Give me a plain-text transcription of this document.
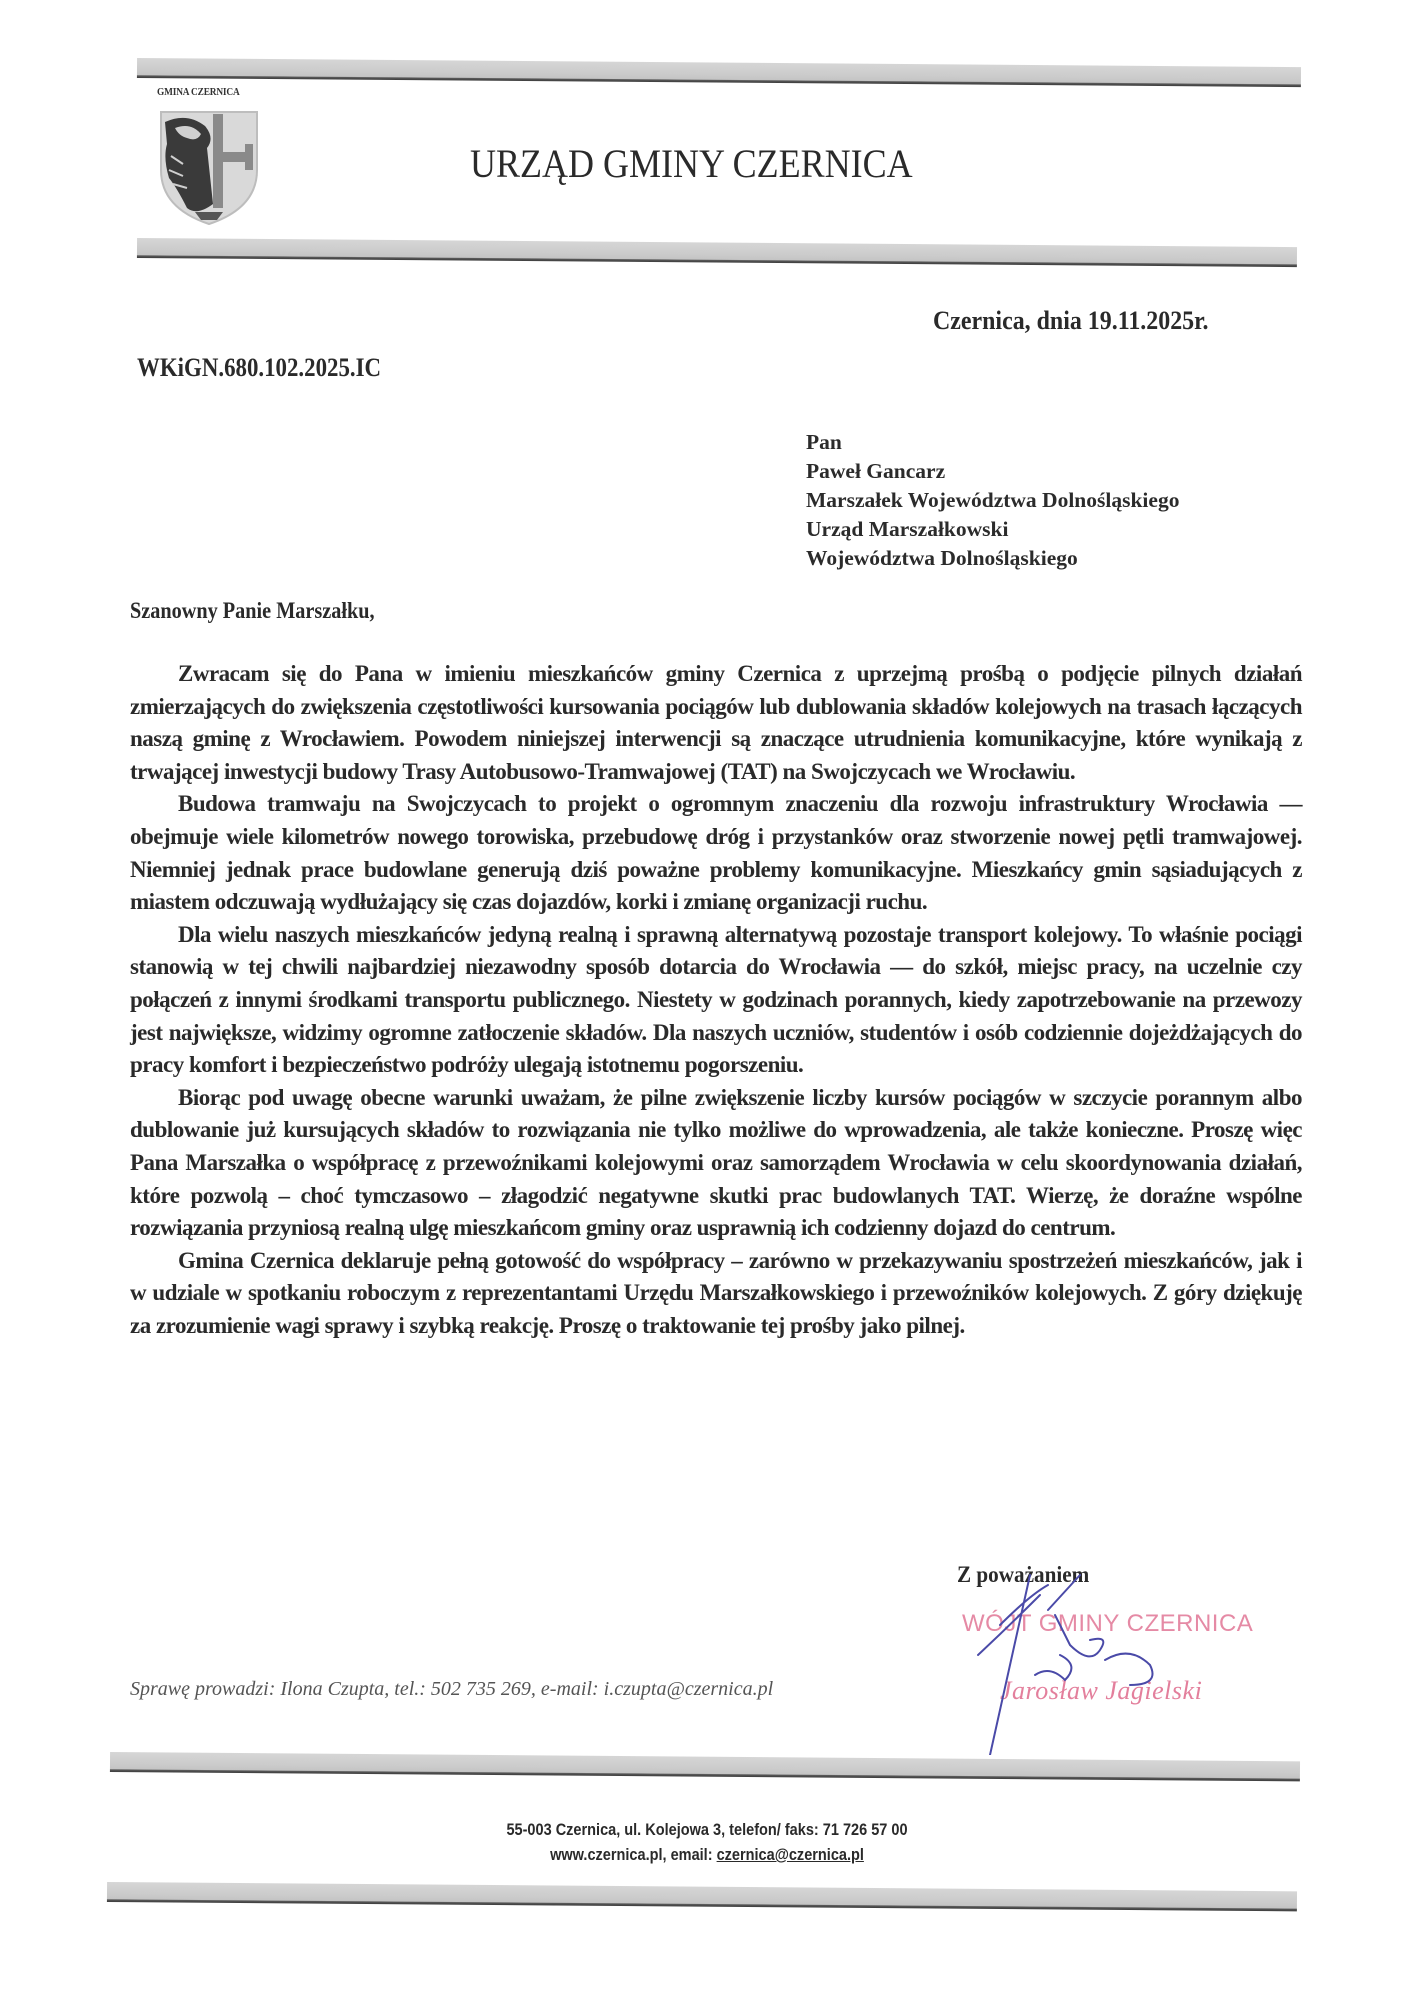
GMINA CZERNICA
URZĄD GMINY CZERNICA
Czernica, dnia 19.11.2025r.
WKiGN.680.102.2025.IC
Pan
Paweł Gancarz
Marszałek Województwa Dolnośląskiego
Urząd Marszałkowski
Województwa Dolnośląskiego
Szanowny Panie Marszałku,

Zwracam się do Pana w imieniu mieszkańców gminy Czernica z uprzejmą prośbą o podjęcie pilnych działań zmierzających do zwiększenia częstotliwości kursowania pociągów lub dublowania składów kolejowych na trasach łączących naszą gminę z Wrocławiem. Powodem niniejszej interwencji są znaczące utrudnienia komunikacyjne, które wynikają z trwającej inwestycji budowy Trasy Autobusowo-Tramwajowej (TAT) na Swojczycach we Wrocławiu.

Budowa tramwaju na Swojczycach to projekt o ogromnym znaczeniu dla rozwoju infrastruktury Wrocławia — obejmuje wiele kilometrów nowego torowiska, przebudowę dróg i przystanków oraz stworzenie nowej pętli tramwajowej. Niemniej jednak prace budowlane generują dziś poważne problemy komunikacyjne. Mieszkańcy gmin sąsiadujących z miastem odczuwają wydłużający się czas dojazdów, korki i zmianę organizacji ruchu.

Dla wielu naszych mieszkańców jedyną realną i sprawną alternatywą pozostaje transport kolejowy. To właśnie pociągi stanowią w tej chwili najbardziej niezawodny sposób dotarcia do Wrocławia — do szkół, miejsc pracy, na uczelnie czy połączeń z innymi środkami transportu publicznego. Niestety w godzinach porannych, kiedy zapotrzebowanie na przewozy jest największe, widzimy ogromne zatłoczenie składów. Dla naszych uczniów, studentów i osób codziennie dojeżdżających do pracy komfort i bezpieczeństwo podróży ulegają istotnemu pogorszeniu.

Biorąc pod uwagę obecne warunki uważam, że pilne zwiększenie liczby kursów pociągów w szczycie porannym albo dublowanie już kursujących składów to rozwiązania nie tylko możliwe do wprowadzenia, ale także konieczne. Proszę więc Pana Marszałka o współpracę z przewoźnikami kolejowymi oraz samorządem Wrocławia w celu skoordynowania działań, które pozwolą – choć tymczasowo – złagodzić negatywne skutki prac budowlanych TAT. Wierzę, że doraźne wspólne rozwiązania przyniosą realną ulgę mieszkańcom gminy oraz usprawnią ich codzienny dojazd do centrum.

Gmina Czernica deklaruje pełną gotowość do współpracy – zarówno w przekazywaniu spostrzeżeń mieszkańców, jak i w udziale w spotkaniu roboczym z reprezentantami Urzędu Marszałkowskiego i przewoźników kolejowych. Z góry dziękuję za zrozumienie wagi sprawy i szybką reakcję. Proszę o traktowanie tej prośby jako pilnej.

Z poważaniem
WÓJT GMINY CZERNICA
Jarosław Jagielski
Sprawę prowadzi: Ilona Czupta, tel.: 502 735 269, e-mail: i.czupta@czernica.pl
55-003 Czernica, ul. Kolejowa 3, telefon/ faks: 71 726 57 00
www.czernica.pl, email: czernica@czernica.pl
